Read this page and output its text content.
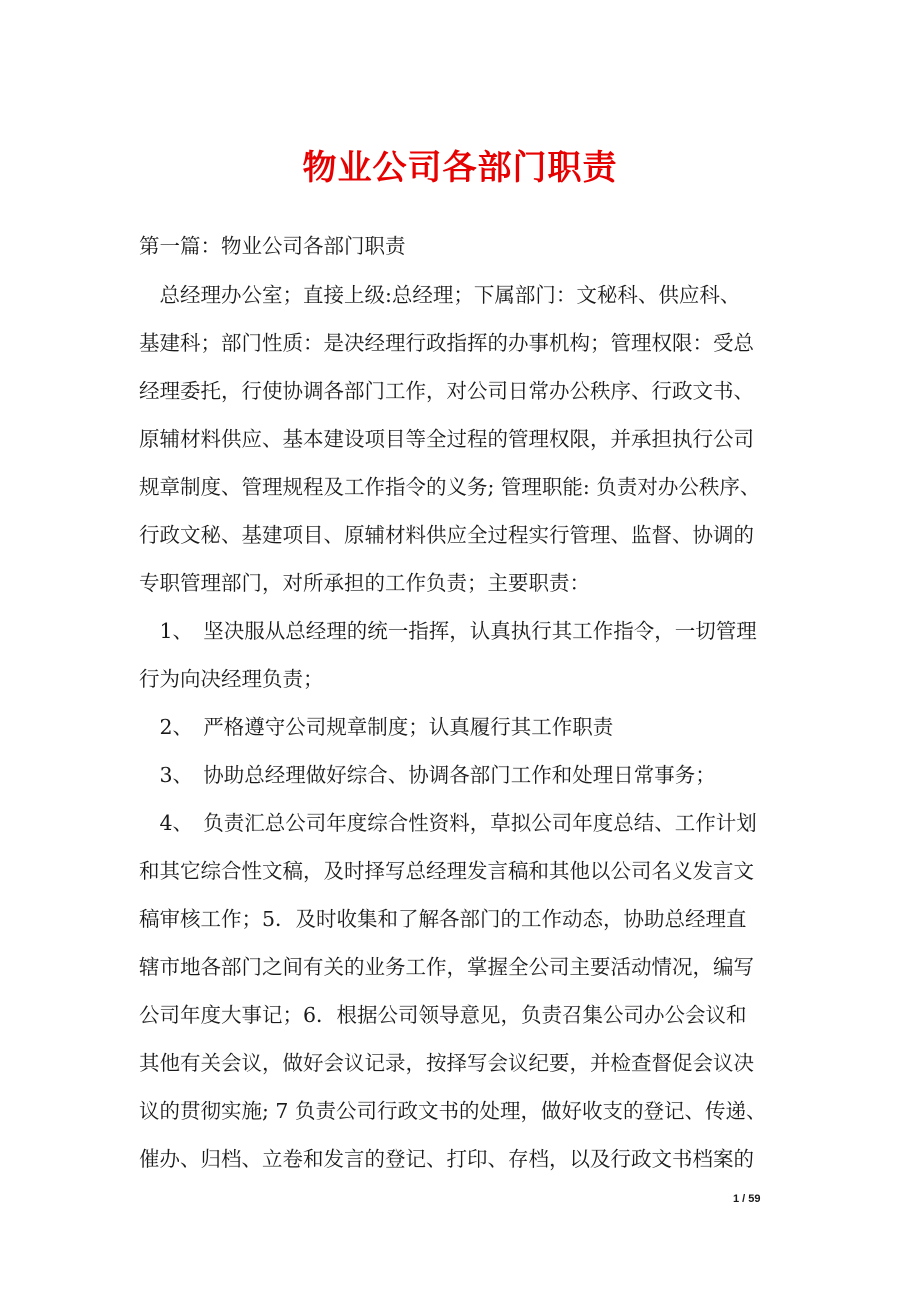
物业公司各部门职责
第一篇：物业公司各部门职责
　总经理办公室；直接上级:总经理；下属部门：文秘科、供应科、
基建科；部门性质：是决经理行政指挥的办事机构；管理权限：受总
经理委托，行使协调各部门工作，对公司日常办公秩序、行政文书、
原辅材料供应、基本建设项目等全过程的管理权限，并承担执行公司
规章制度、管理规程及工作指令的义务; 管理职能: 负责对办公秩序、
行政文秘、基建项目、原辅材料供应全过程实行管理、监督、协调的
专职管理部门，对所承担的工作负责；主要职责：
　1、　坚决服从总经理的统一指挥，认真执行其工作指令，一切管理
行为向决经理负责；
　2、　严格遵守公司规章制度；认真履行其工作职责
　3、　协助总经理做好综合、协调各部门工作和处理日常事务；
　4、　负责汇总公司年度综合性资料，草拟公司年度总结、工作计划
和其它综合性文稿，及时择写总经理发言稿和其他以公司名义发言文
稿审核工作；5．及时收集和了解各部门的工作动态，协助总经理直
辖市地各部门之间有关的业务工作，掌握全公司主要活动情况，编写
公司年度大事记；6．根据公司领导意见，负责召集公司办公会议和
其他有关会议，做好会议记录，按择写会议纪要，并检查督促会议决
议的贯彻实施; 7 负责公司行政文书的处理，做好收支的登记、传递、
催办、归档、立卷和发言的登记、打印、存档，以及行政文书档案的
1 / 59
